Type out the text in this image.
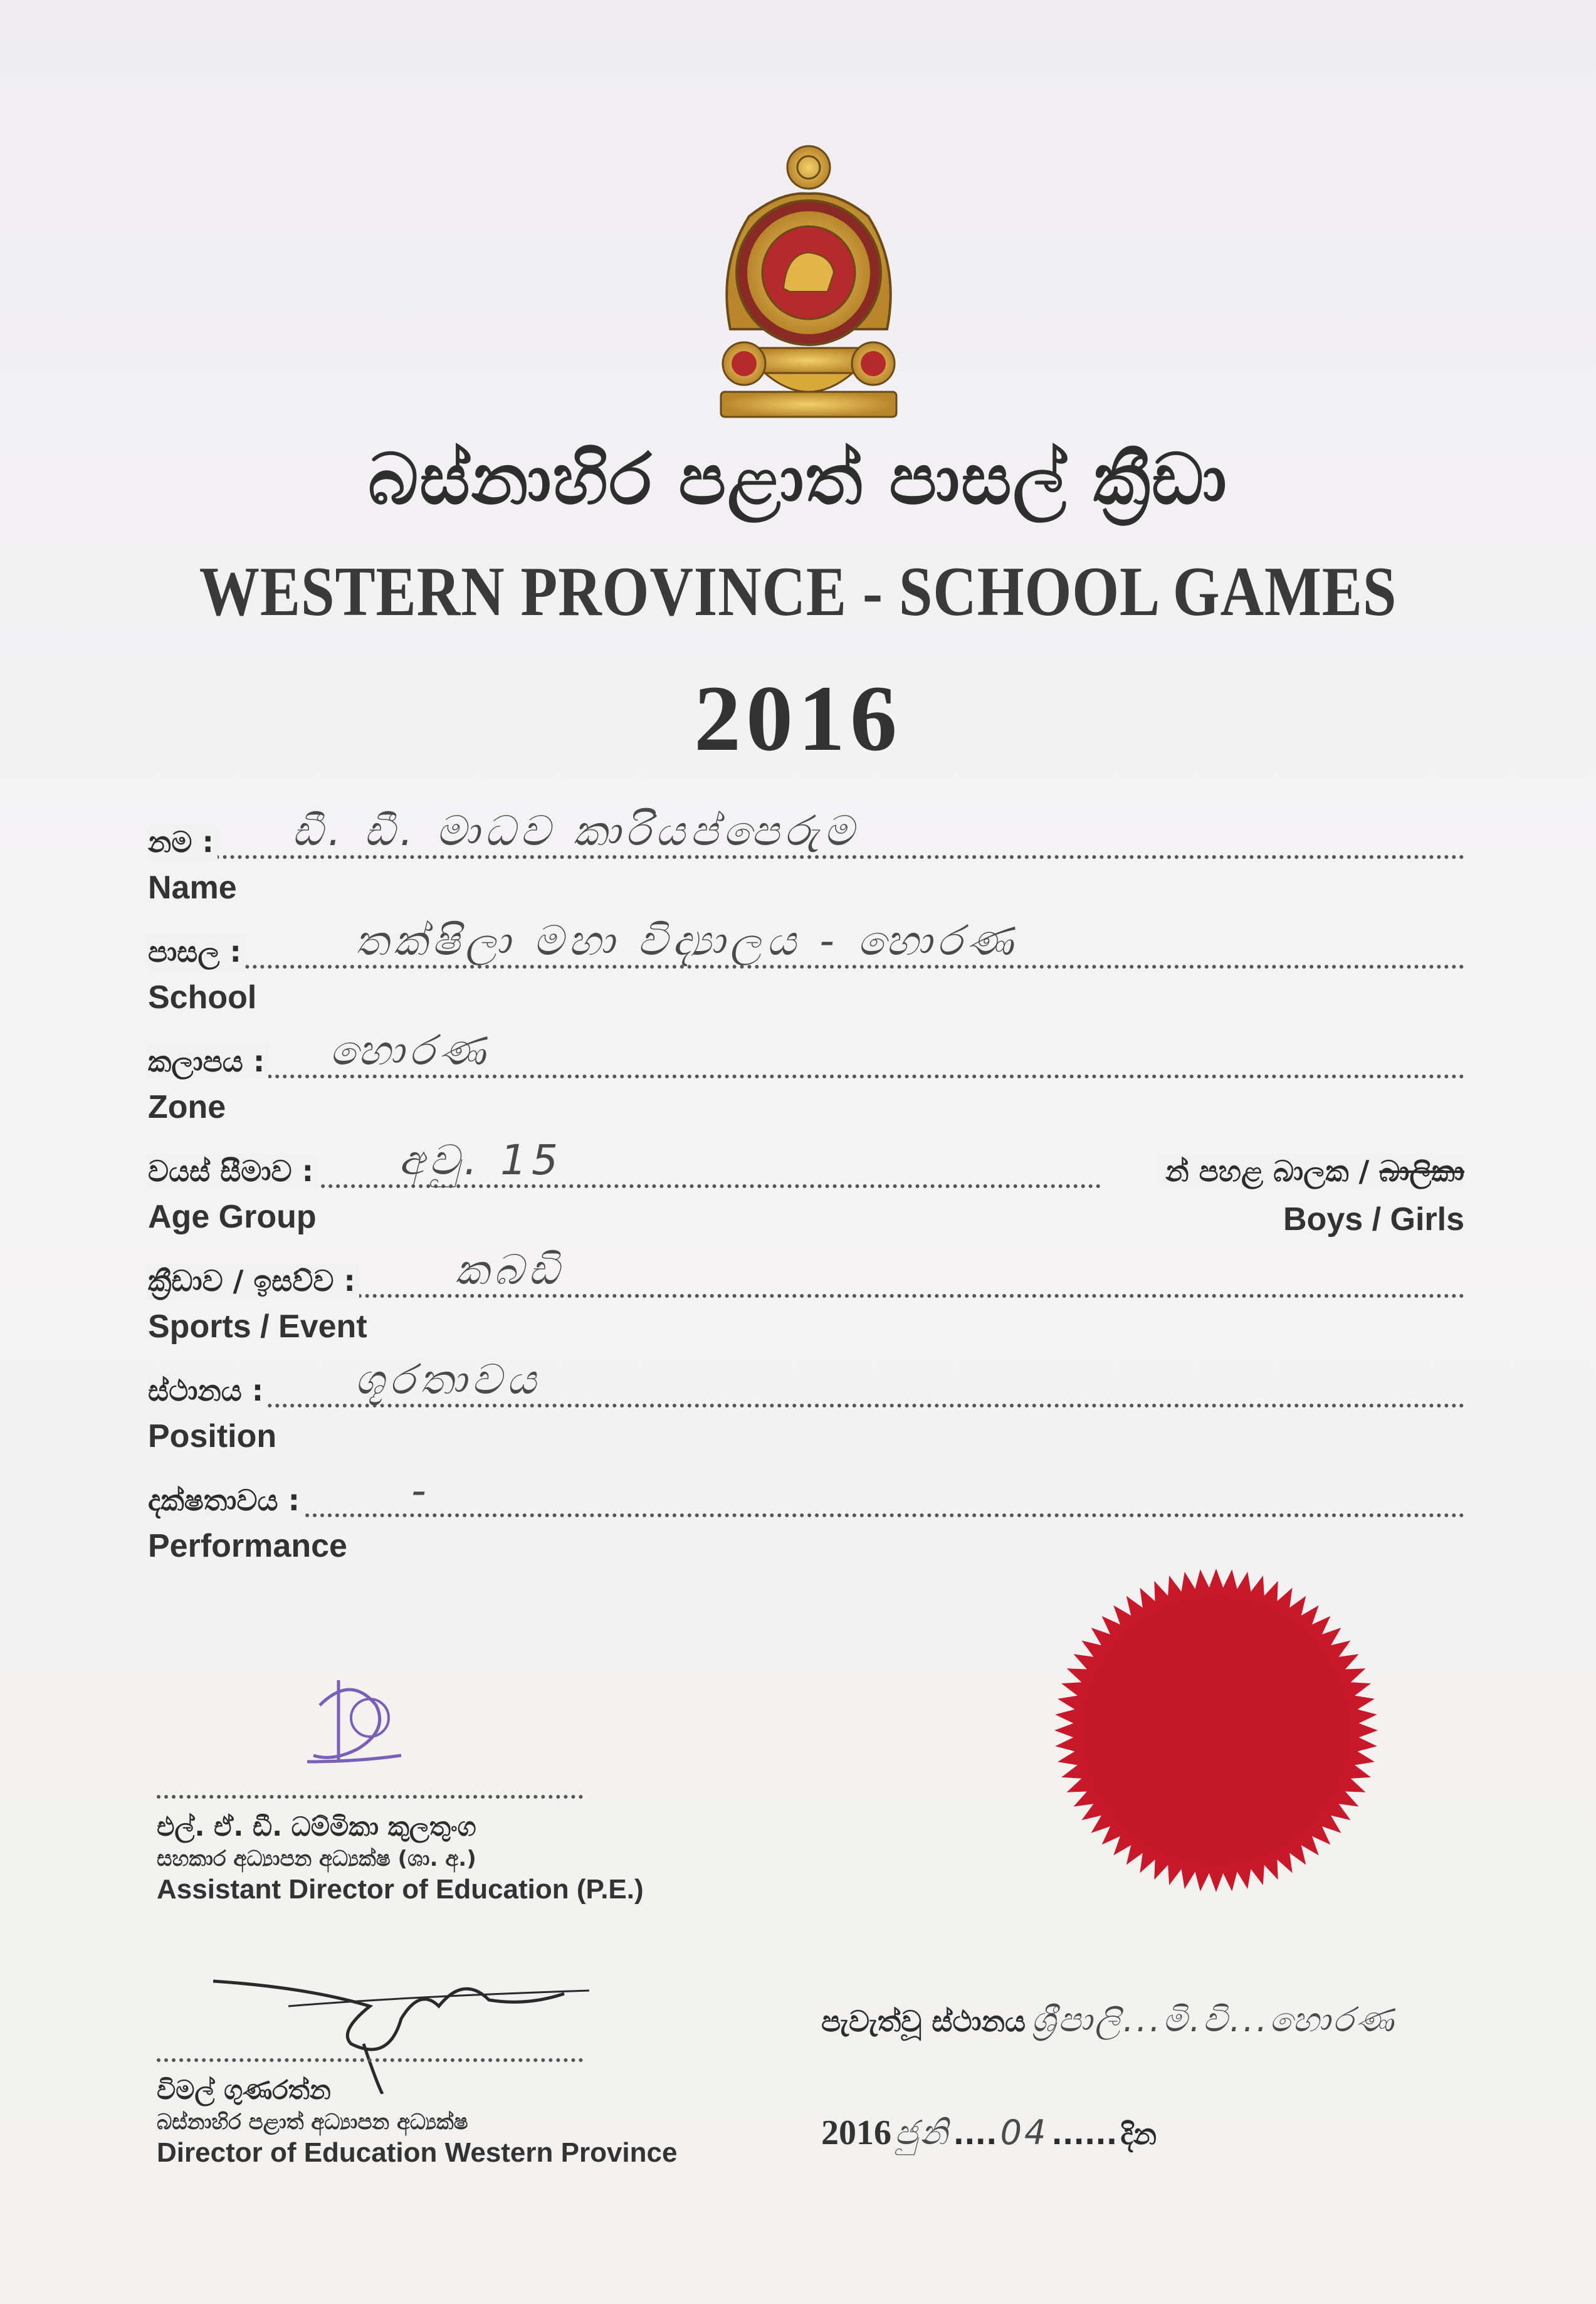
බස්නාහිර පළාත් පාසල් ක්‍රීඩා
WESTERN PROVINCE - SCHOOL GAMES
2016
නම : ඩී. ඩී. මාධව කාරියප්පෙරුම
Name
පාසල :	තක්ෂිලා මහා විද්‍යාලය - හොරණ
School
කලාපය : හොරණ
Zone
වයස් සීමාව : අවු. 15	න් පහළ බාලක / බාලිකා
Boys / Girls
Age Group
ක්‍රීඩාව / ඉසව්ව : කබඩි
Sports / Event
ස්ථානය : ශූරතාවය
Position
දක්ෂතාවය :	-
Performance
එල්. ඒ. ඩී. ධම්මිකා කුලතුංග
සහකාර අධ්‍යාපන අධ්‍යක්ෂ (ශා. අ.)
Assistant Director of Education (P.E.)
විමල් ගුණරත්න
බස්නාහිර පළාත් අධ්‍යාපන අධ්‍යක්ෂ
Director of Education Western Province
පැවැත්වූ ස්ථානය ශ්‍රීපාලි...මි.වි...හොරණ
2016 ජුනි .... 04 ...... දින
